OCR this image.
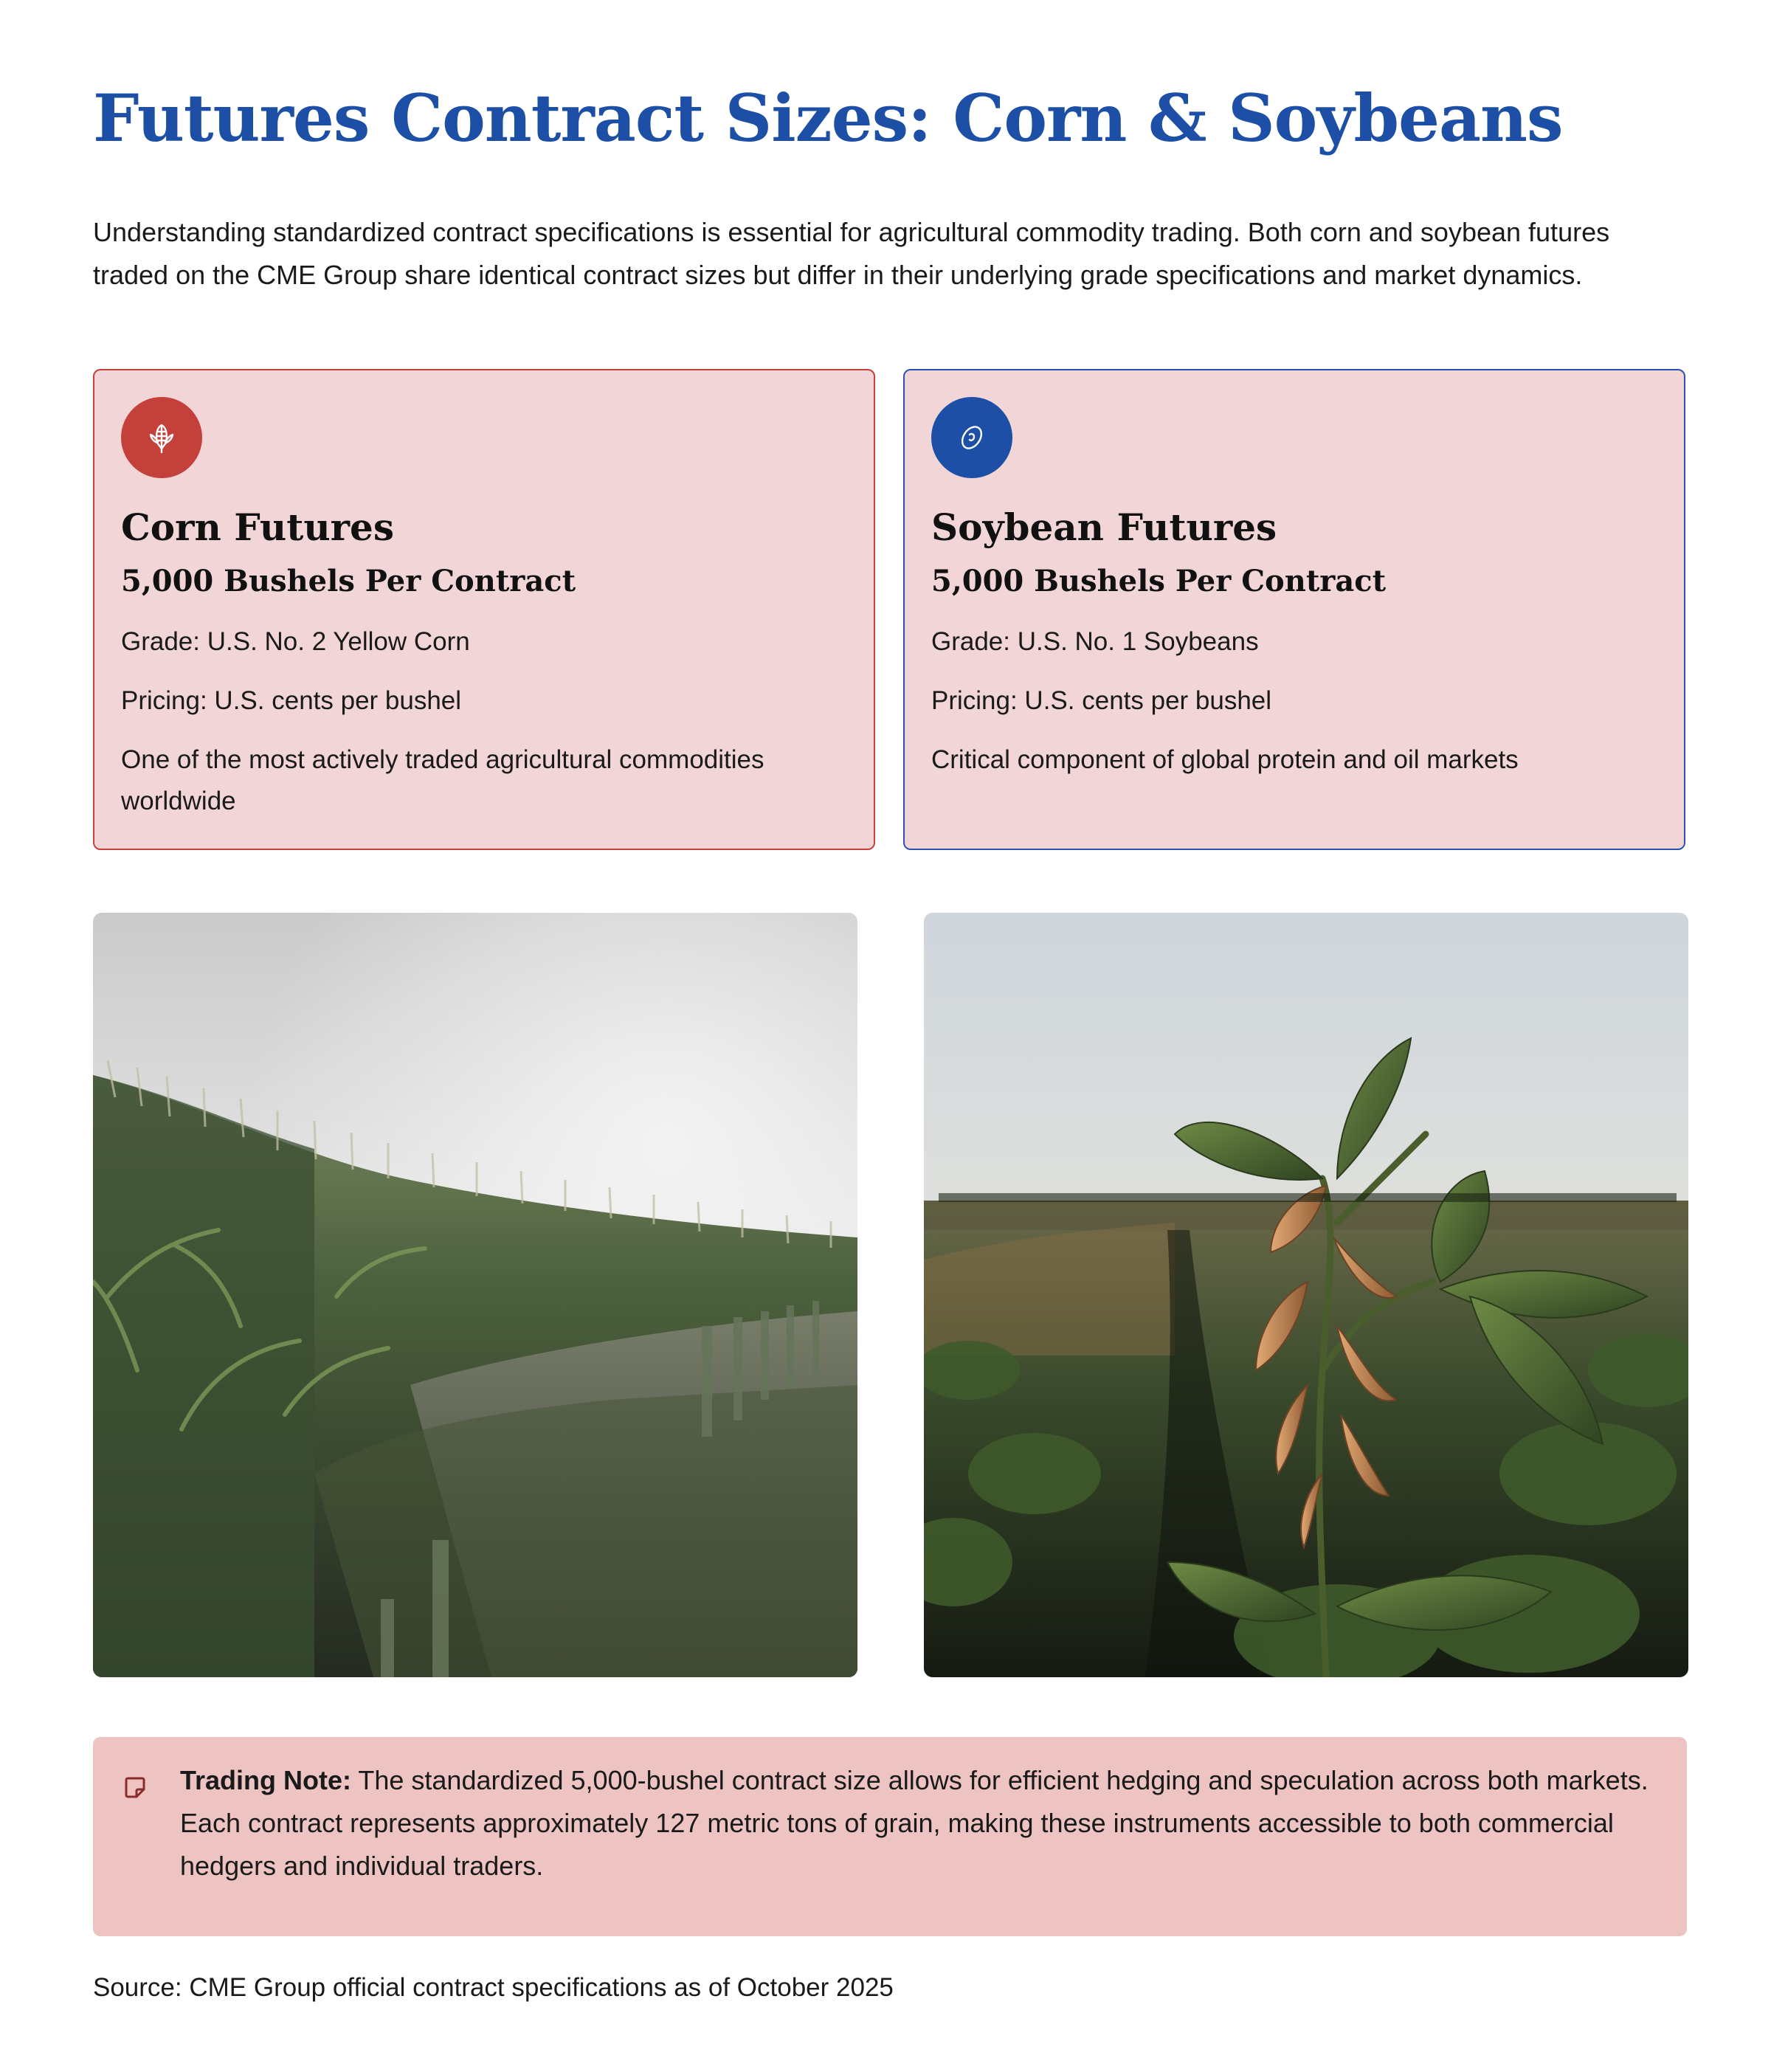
Futures Contract Sizes: Corn & Soybeans

Understanding standardized contract specifications is essential for agricultural commodity trading. Both corn and soybean futures traded on the CME Group share identical contract sizes but differ in their underlying grade specifications and market dynamics.

Corn Futures
5,000 Bushels Per Contract

Grade: U.S. No. 2 Yellow Corn

Pricing: U.S. cents per bushel

One of the most actively traded agricultural commodities worldwide

Soybean Futures
5,000 Bushels Per Contract

Grade: U.S. No. 1 Soybeans

Pricing: U.S. cents per bushel

Critical component of global protein and oil markets

Trading Note: The standardized 5,000-bushel contract size allows for efficient hedging and speculation across both markets. Each contract represents approximately 127 metric tons of grain, making these instruments accessible to both commercial hedgers and individual traders.

Source: CME Group official contract specifications as of October 2025
